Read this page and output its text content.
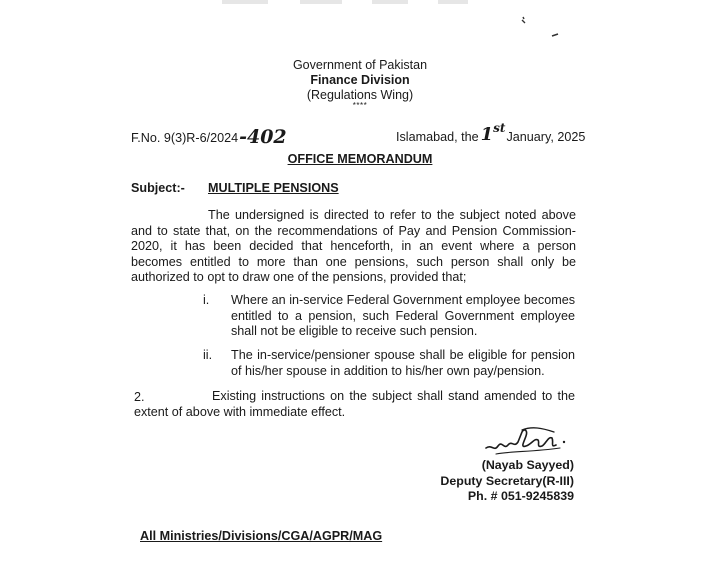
Government of Pakistan
Finance Division
(Regulations Wing)
****
F.No. 9(3)R-6/2024-402	Islamabad, the 1stJanuary, 2025
OFFICE MEMORANDUM
Subject:- MULTIPLE PENSIONS
The undersigned is directed to refer to the subject noted above and to state that, on the recommendations of Pay and Pension Commission-2020, it has been decided that henceforth, in an event where a person becomes entitled to more than one pensions, such person shall only be authorized to opt to draw one of the pensions, provided that;
i. Where an in-service Federal Government employee becomes entitled to a pension, such Federal Government employee shall not be eligible to receive such pension.
ii. The in-service/pensioner spouse shall be eligible for pension of his/her spouse in addition to his/her own pay/pension.
2.	Existing instructions on the subject shall stand amended to the extent of above with immediate effect.
(Nayab Sayyed)
Deputy Secretary(R-III)
Ph. # 051-9245839
All Ministries/Divisions/CGA/AGPR/MAG
